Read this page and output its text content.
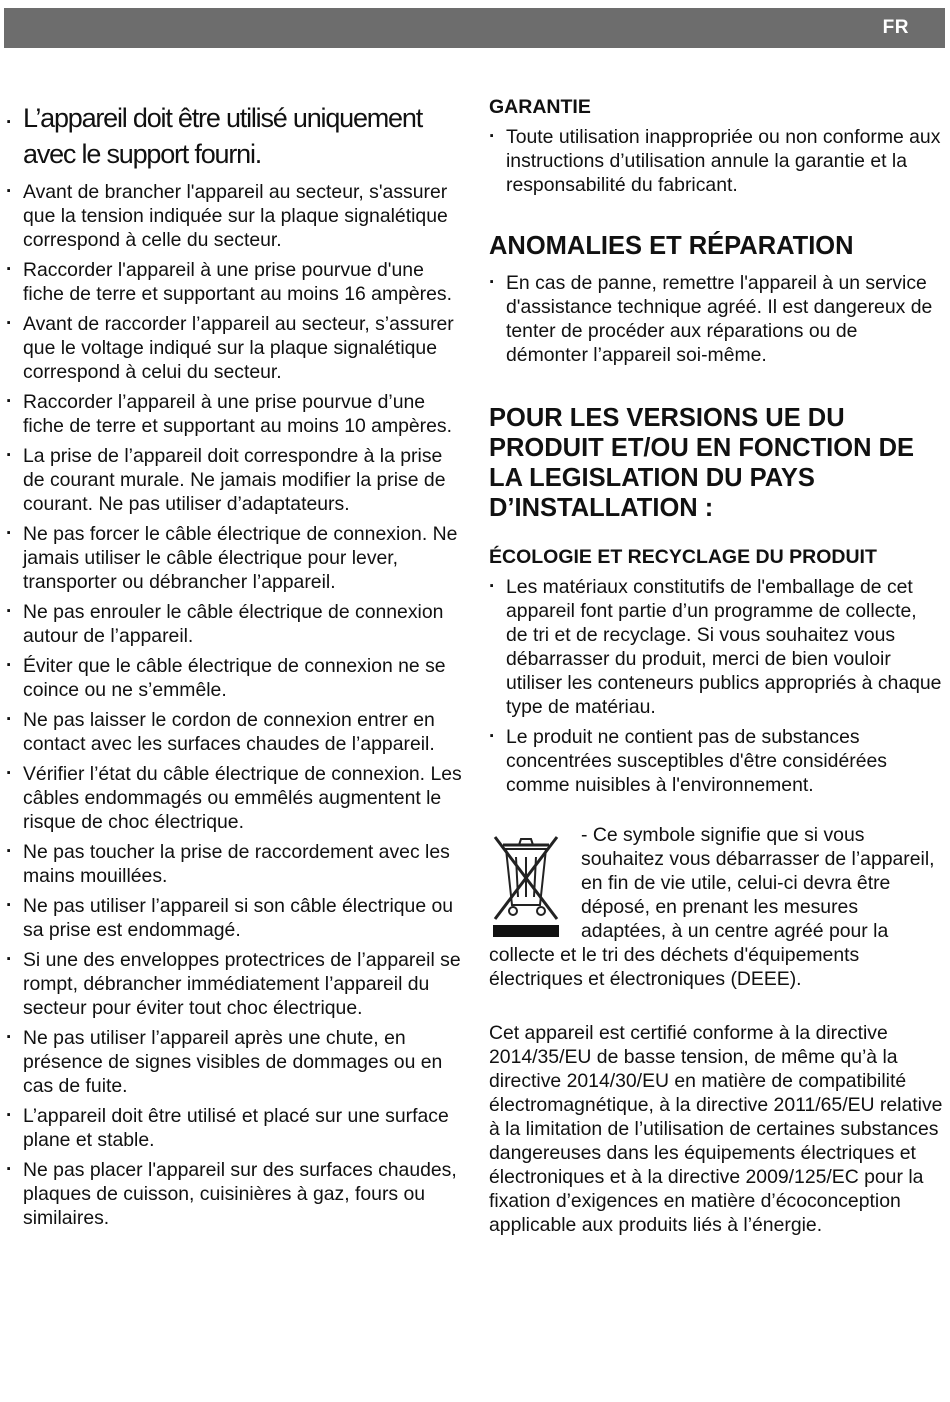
FR
· L’appareil doit être utilisé uniquement avec le support fourni.
· Avant de brancher l'appareil au secteur, s'assurer que la tension indiquée sur la plaque signalétique correspond à celle du secteur.
· Raccorder l'appareil à une prise pourvue d'une fiche de terre et supportant au moins 16 ampères.
· Avant de raccorder l’appareil au secteur, s’assurer que le voltage indiqué sur la plaque signalétique correspond à celui du secteur.
· Raccorder l’appareil à une prise pourvue d’une fiche de terre et supportant au moins 10 ampères.
· La prise de l’appareil doit correspondre à la prise de courant murale. Ne jamais modifier la prise de courant. Ne pas utiliser d’adaptateurs.
· Ne pas forcer le câble électrique de connexion. Ne jamais utiliser le câble électrique pour lever, transporter ou débrancher l’appareil.
· Ne pas enrouler le câble électrique de connexion autour de l’appareil.
· Éviter que le câble électrique de connexion ne se coince ou ne s’emmêle.
· Ne pas laisser le cordon de connexion entrer en contact avec les surfaces chaudes de l’appareil.
· Vérifier l’état du câble électrique de connexion. Les câbles endommagés ou emmêlés augmentent le risque de choc électrique.
· Ne pas toucher la prise de raccordement avec les mains mouillées.
· Ne pas utiliser l’appareil si son câble électrique ou sa prise est endommagé.
· Si une des enveloppes protectrices de l’appareil se rompt, débrancher immédiatement l’appareil du secteur pour éviter tout choc électrique.
· Ne pas utiliser l’appareil après une chute, en présence de signes visibles de dommages ou en cas de fuite.
· L’appareil doit être utilisé et placé sur une surface plane et stable.
· Ne pas placer l'appareil sur des surfaces chaudes, plaques de cuisson, cuisinières à gaz, fours ou similaires.
GARANTIE
· Toute utilisation inappropriée ou non conforme aux instructions d’utilisation annule la garantie et la responsabilité du fabricant.
ANOMALIES ET RÉPARATION
· En cas de panne, remettre l'appareil à un service d'assistance technique agréé. Il est dangereux de tenter de procéder aux réparations ou de démonter l’appareil soi-même.
POUR LES VERSIONS UE DU PRODUIT ET/OU EN FONCTION DE LA LEGISLATION DU PAYS D’INSTALLATION :
ÉCOLOGIE ET RECYCLAGE DU PRODUIT
· Les matériaux constitutifs de l'emballage de cet appareil font partie d’un programme de collecte, de tri et de recyclage. Si vous souhaitez vous débarrasser du produit, merci de bien vouloir utiliser les conteneurs publics appropriés à chaque type de matériau.
· Le produit ne contient pas de substances concentrées susceptibles d'être considérées comme nuisibles à l'environnement.

- Ce symbole signifie que si vous souhaitez vous débarrasser de l’appareil, en fin de vie utile, celui-ci devra être déposé, en prenant les mesures adaptées, à un centre agréé pour la collecte et le tri des déchets d'équipements électriques et électroniques (DEEE).

Cet appareil est certifié conforme à la directive 2014/35/EU de basse tension, de même qu’à la directive 2014/30/EU en matière de compatibilité électromagnétique, à la directive 2011/65/EU relative à la limitation de l’utilisation de certaines substances dangereuses dans les équipements électriques et électroniques et à la directive 2009/125/EC pour la fixation d’exigences en matière d’écoconception applicable aux produits liés à l’énergie.
